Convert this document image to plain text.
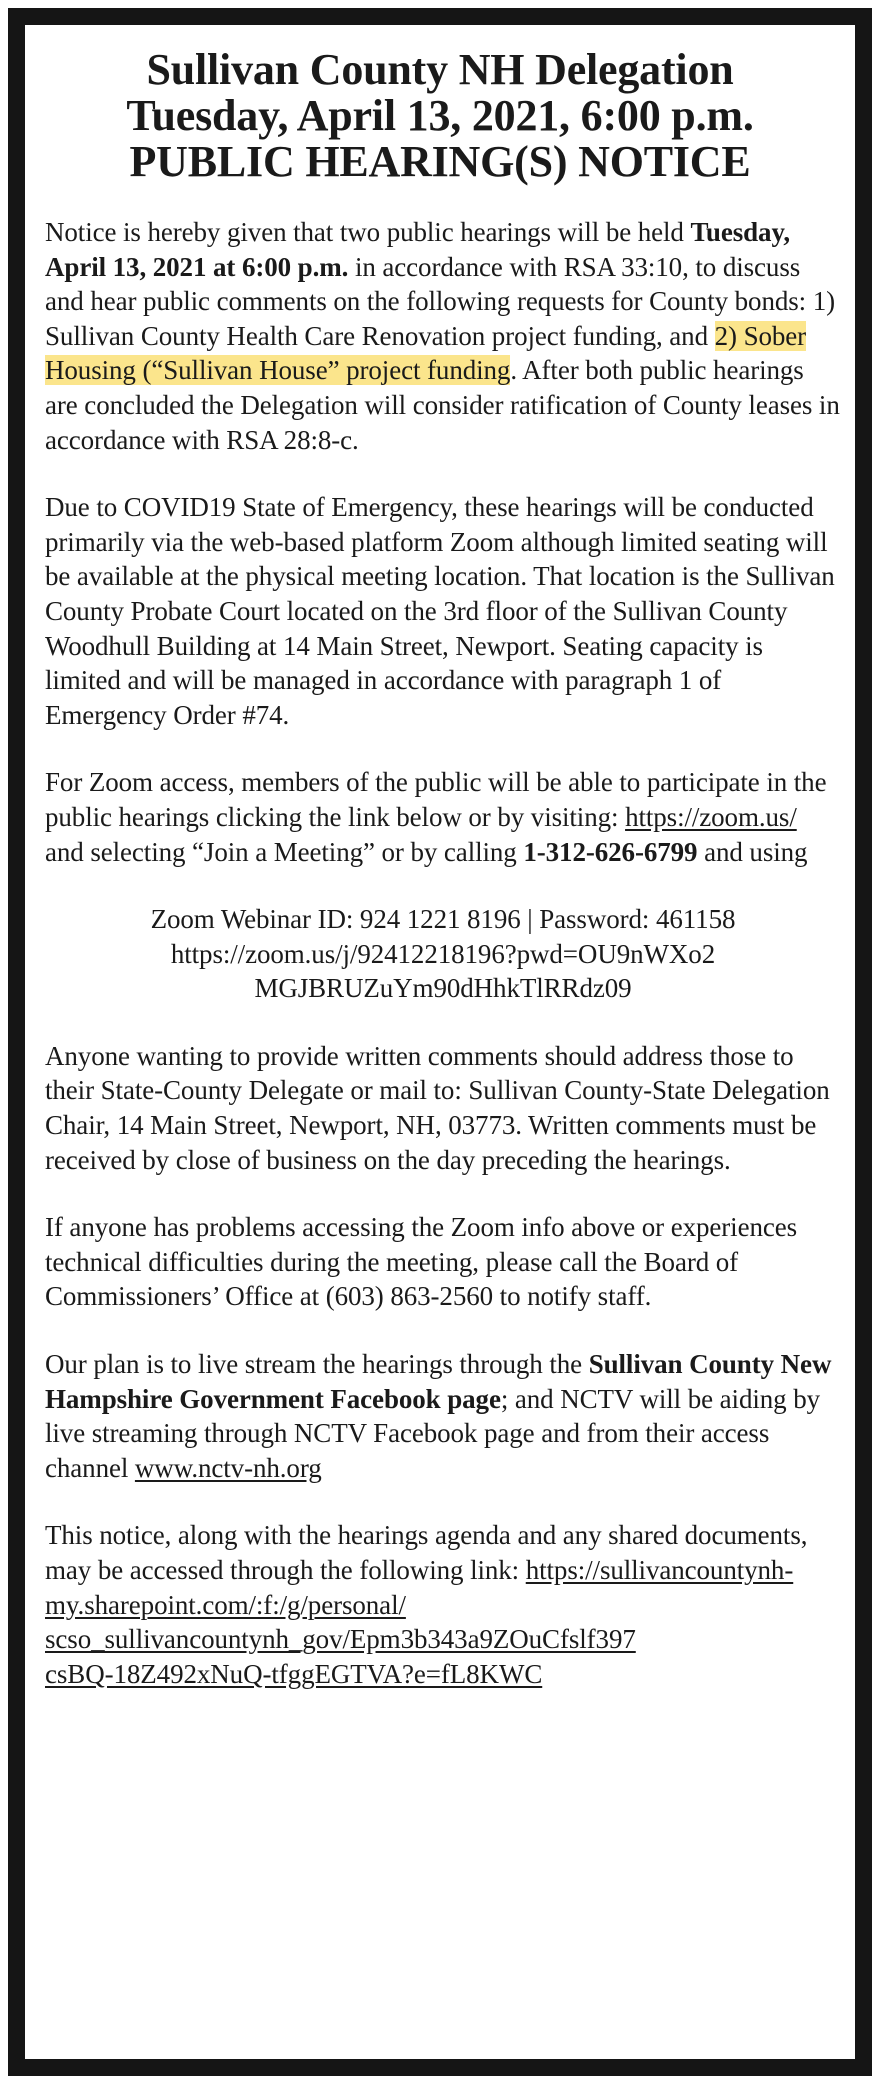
Sullivan County NH Delegation
Tuesday, April 13, 2021, 6:00 p.m.
PUBLIC HEARING(S) NOTICE

Notice is hereby given that two public hearings will be held Tuesday, April 13, 2021 at 6:00 p.m. in accordance with RSA 33:10, to discuss and hear public comments on the following requests for County bonds: 1) Sullivan County Health Care Renovation project funding, and 2) Sober Housing (“Sullivan House” project funding. After both public hearings are concluded the Delegation will consider ratification of County leases in accordance with RSA 28:8-c.

Due to COVID19 State of Emergency, these hearings will be conducted primarily via the web-based platform Zoom although limited seating will be available at the physical meeting location. That location is the Sullivan County Probate Court located on the 3rd floor of the Sullivan County Woodhull Building at 14 Main Street, Newport. Seating capacity is limited and will be managed in accordance with paragraph 1 of Emergency Order #74.

For Zoom access, members of the public will be able to participate in the public hearings clicking the link below or by visiting: https://zoom.us/ and selecting “Join a Meeting” or by calling 1-312-626-6799 and using

Zoom Webinar ID: 924 1221 8196 | Password: 461158
https://zoom.us/j/92412218196?pwd=OU9nWXo2
MGJBRUZuYm90dHhkTlRRdz09

Anyone wanting to provide written comments should address those to their State-County Delegate or mail to: Sullivan County-State Delegation Chair, 14 Main Street, Newport, NH, 03773. Written comments must be received by close of business on the day preceding the hearings.

If anyone has problems accessing the Zoom info above or experiences technical difficulties during the meeting, please call the Board of Commissioners’ Office at (603) 863-2560 to notify staff.

Our plan is to live stream the hearings through the Sullivan County New Hampshire Government Facebook page; and NCTV will be aiding by live streaming through NCTV Facebook page and from their access channel www.nctv-nh.org

This notice, along with the hearings agenda and any shared documents, may be accessed through the following link: https://sullivancountynh-my.sharepoint.com/:f:/g/personal/
scso_sullivancountynh_gov/Epm3b343a9ZOuCfslf397
csBQ-18Z492xNuQ-tfggEGTVA?e=fL8KWC
